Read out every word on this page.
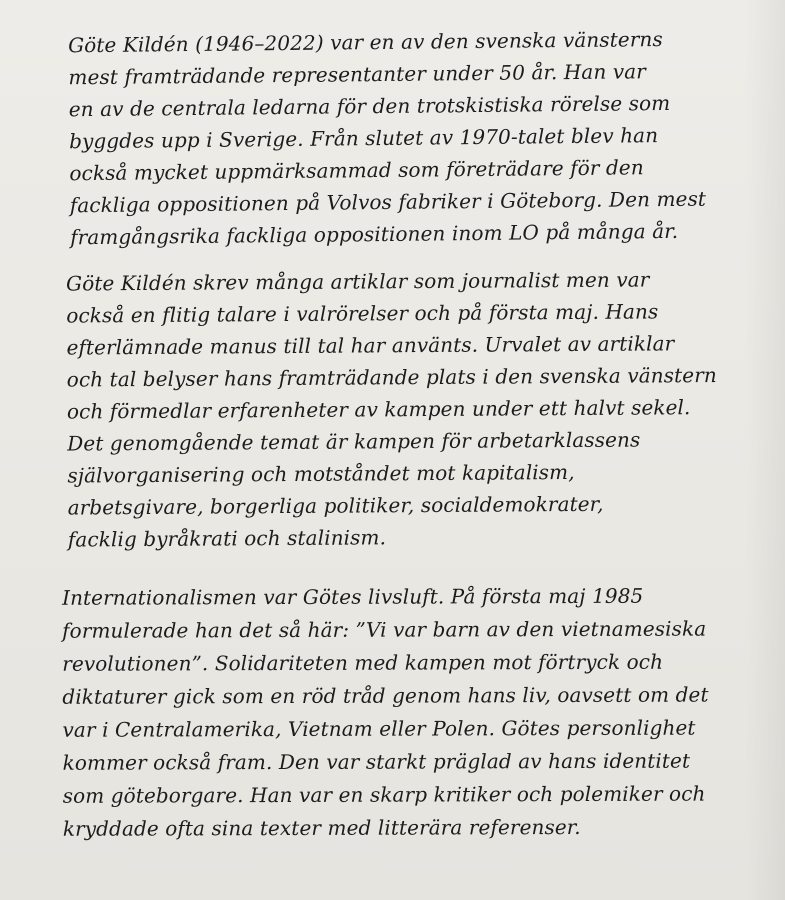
Göte Kildén (1946–2022) var en av den svenska vänsterns
mest framträdande representanter under 50 år. Han var
en av de centrala ledarna för den trotskistiska rörelse som
byggdes upp i Sverige. Från slutet av 1970-talet blev han
också mycket uppmärksammad som företrädare för den
fackliga oppositionen på Volvos fabriker i Göteborg. Den mest
framgångsrika fackliga oppositionen inom LO på många år.
Göte Kildén skrev många artiklar som journalist men var
också en flitig talare i valrörelser och på första maj. Hans
efterlämnade manus till tal har använts. Urvalet av artiklar
och tal belyser hans framträdande plats i den svenska vänstern
och förmedlar erfarenheter av kampen under ett halvt sekel.
Det genomgående temat är kampen för arbetarklassens
självorganisering och motståndet mot kapitalism,
arbetsgivare, borgerliga politiker, socialdemokrater,
facklig byråkrati och stalinism.
Internationalismen var Götes livsluft. På första maj 1985
formulerade han det så här: ”Vi var barn av den vietnamesiska
revolutionen”. Solidariteten med kampen mot förtryck och
diktaturer gick som en röd tråd genom hans liv, oavsett om det
var i Centralamerika, Vietnam eller Polen. Götes personlighet
kommer också fram. Den var starkt präglad av hans identitet
som göteborgare. Han var en skarp kritiker och polemiker och
kryddade ofta sina texter med litterära referenser.
